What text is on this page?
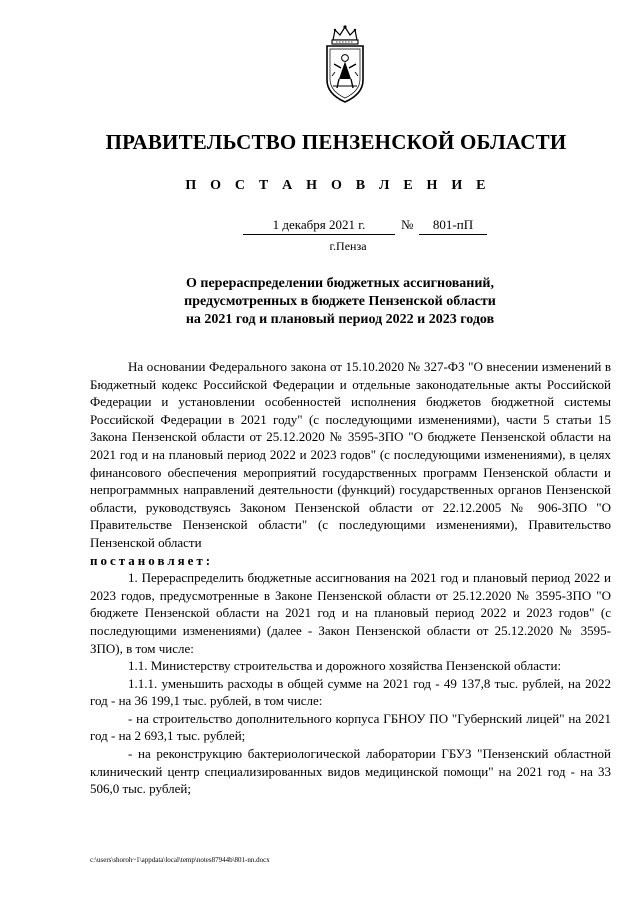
ПРАВИТЕЛЬСТВО ПЕНЗЕНСКОЙ ОБЛАСТИ
П О С Т А Н О В Л Е Н И Е
1 декабря 2021 г.	№	801-пП
г.Пенза
О перераспределении бюджетных ассигнований,
предусмотренных в бюджете Пензенской области
на 2021 год и плановый период 2022 и 2023 годов

На основании Федерального закона от 15.10.2020 № 327-ФЗ "О внесении изменений в Бюджетный кодекс Российской Федерации и отдельные законодательные акты Российской Федерации и установлении особенностей исполнения бюджетов бюджетной системы Российской Федерации в 2021 году" (с последующими изменениями), части 5 статьи 15 Закона Пензенской области от 25.12.2020 № 3595-ЗПО "О бюджете Пензенской области на 2021 год и на плановый период 2022 и 2023 годов" (с последующими изменениями), в целях финансового обеспечения мероприятий государственных программ Пензенской области и непрограммных направлений деятельности (функций) государственных органов Пензенской области, руководствуясь Законом Пензенской области от 22.12.2005 № 906-ЗПО "О Правительстве Пензенской области" (с последующими изменениями), Правительство Пензенской области

постановляет:

1. Перераспределить бюджетные ассигнования на 2021 год и плановый период 2022 и 2023 годов, предусмотренные в Законе Пензенской области от 25.12.2020 № 3595-ЗПО "О бюджете Пензенской области на 2021 год и на плановый период 2022 и 2023 годов" (с последующими изменениями) (далее - Закон Пензенской области от 25.12.2020 № 3595-ЗПО), в том числе:

1.1. Министерству строительства и дорожного хозяйства Пензенской области:

1.1.1. уменьшить расходы в общей сумме на 2021 год - 49 137,8 тыс. рублей, на 2022 год - на 36 199,1 тыс. рублей, в том числе:

- на строительство дополнительного корпуса ГБНОУ ПО "Губернский лицей" на 2021 год - на 2 693,1 тыс. рублей;

- на реконструкцию бактериологической лаборатории ГБУЗ "Пензенский областной клинический центр специализированных видов медицинской помощи" на 2021 год - на 33 506,0 тыс. рублей;

c:\users\shoroh~1\appdata\local\temp\notes87944b\801-nn.docx
